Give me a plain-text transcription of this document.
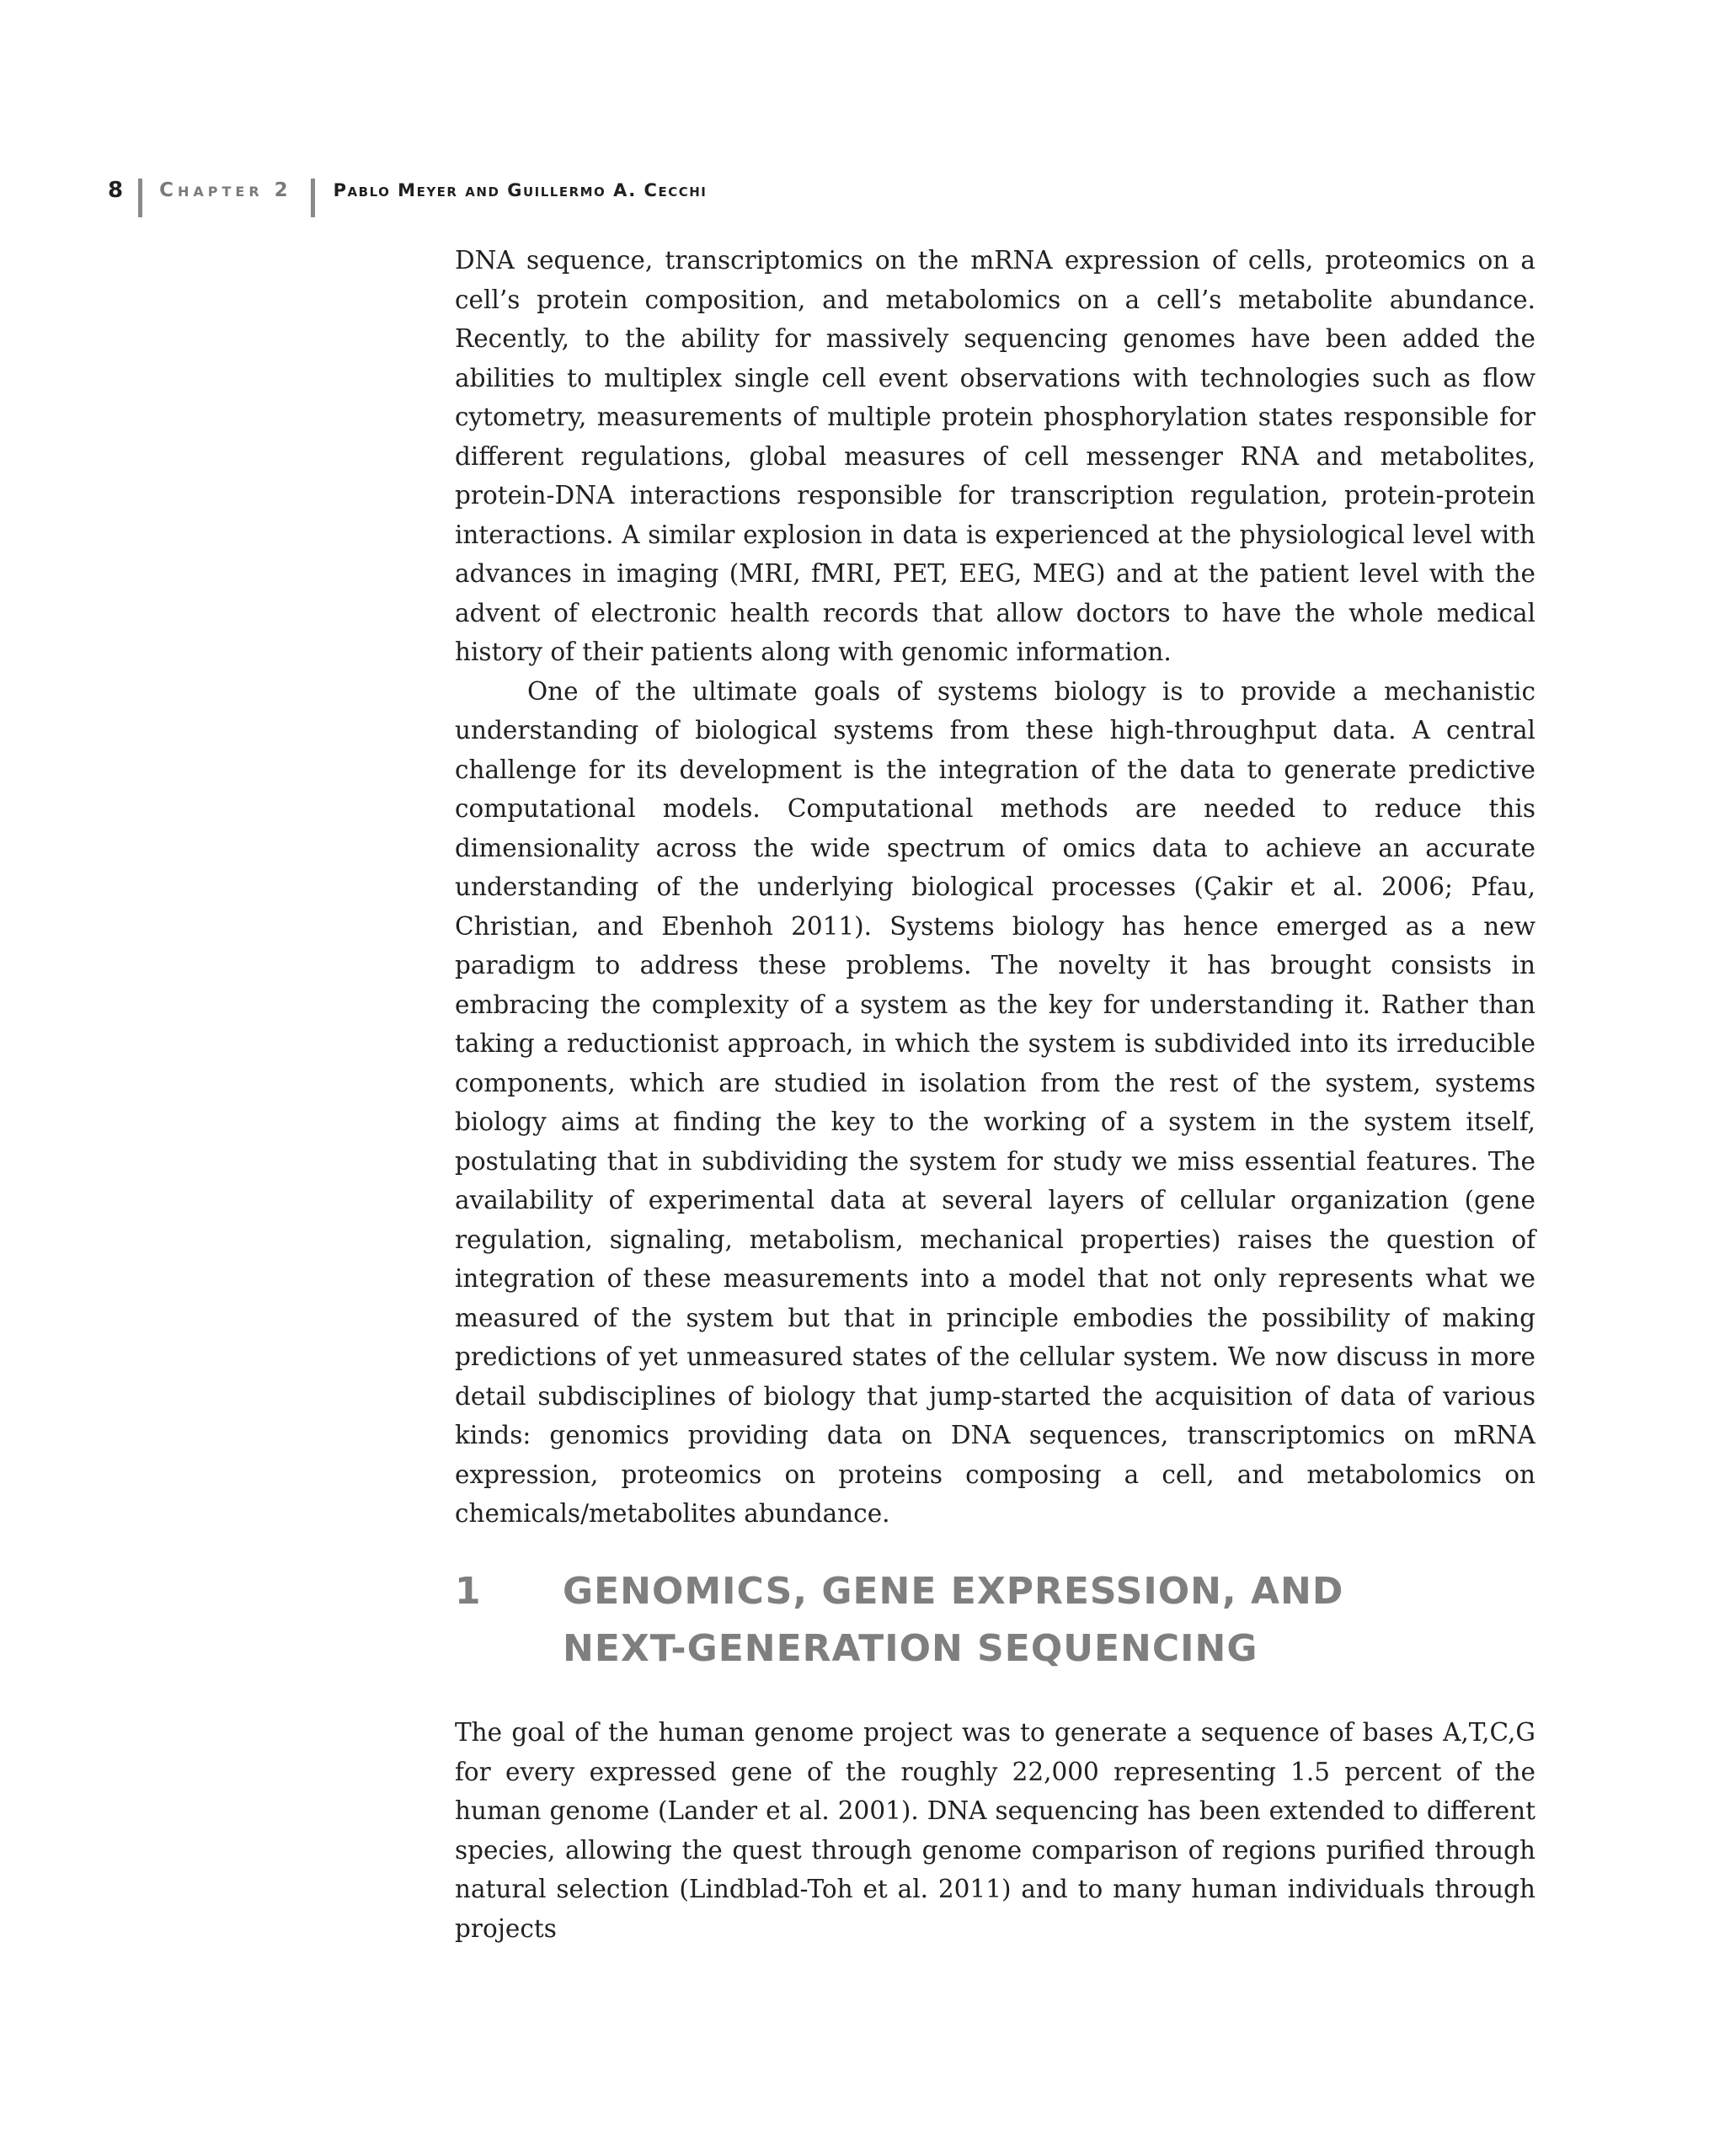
8 Chapter 2 Pablo Meyer and Guillermo A. Cecchi

DNA sequence, transcriptomics on the mRNA expression of cells, proteomics on a cell’s protein composition, and metabolomics on a cell’s metabolite abundance. Recently, to the ability for massively sequencing genomes have been added the abilities to multiplex single cell event observations with technologies such as flow cytometry, measurements of multiple protein phosphorylation states responsible for different regulations, global measures of cell messenger RNA and metabolites, protein-DNA interactions responsible for transcription regulation, protein-protein interactions. A similar explosion in data is experienced at the physiological level with advances in imaging (MRI, fMRI, PET, EEG, MEG) and at the patient level with the advent of electronic health records that allow doctors to have the whole medical history of their patients along with genomic information.

One of the ultimate goals of systems biology is to provide a mechanistic understanding of biological systems from these high-throughput data. A central challenge for its development is the integration of the data to generate predictive computational models. Computational methods are needed to reduce this dimensionality across the wide spectrum of omics data to achieve an accurate understanding of the underlying biological processes (Çakir et al. 2006; Pfau, Christian, and Ebenhoh 2011). Systems biology has hence emerged as a new paradigm to address these problems. The novelty it has brought consists in embracing the complexity of a system as the key for understanding it. Rather than taking a reductionist approach, in which the system is subdivided into its irreducible components, which are studied in isolation from the rest of the system, systems biology aims at finding the key to the working of a system in the system itself, postulating that in subdividing the system for study we miss essential features. The availability of experimental data at several layers of cellular organization (gene regulation, signaling, metabolism, mechanical properties) raises the question of integration of these measurements into a model that not only represents what we measured of the system but that in principle embodies the possibility of making predictions of yet unmeasured states of the cellular system. We now discuss in more detail subdisciplines of biology that jump-started the acquisition of data of various kinds: genomics providing data on DNA sequences, transcriptomics on mRNA expression, proteomics on proteins composing a cell, and metabolomics on chemicals/metabolites abundance.

1	GENOMICS, GENE EXPRESSION, AND
NEXT-GENERATION SEQUENCING

The goal of the human genome project was to generate a sequence of bases A,T,C,G for every expressed gene of the roughly 22,000 representing 1.5 percent of the human genome (Lander et al. 2001). DNA sequencing has been extended to different species, allowing the quest through genome comparison of regions purified through natural selection (Lindblad-Toh et al. 2011) and to many human individuals through projects
